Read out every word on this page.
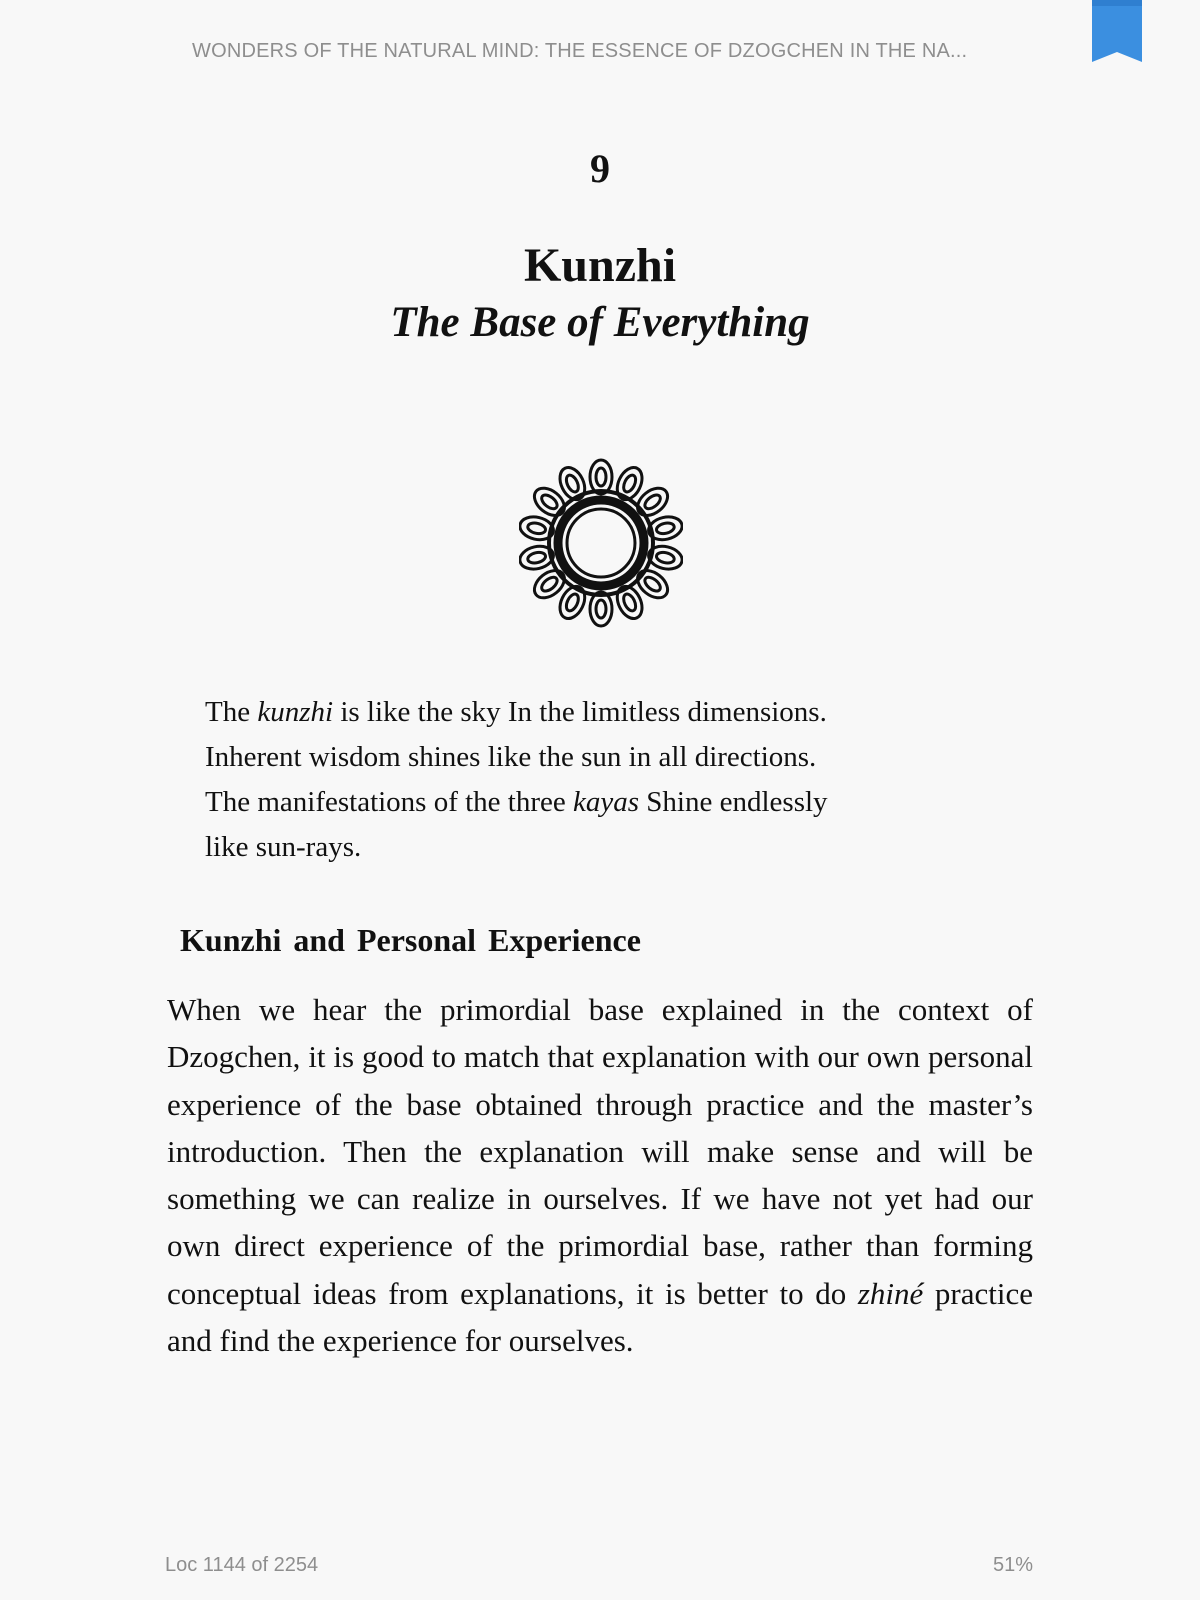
WONDERS OF THE NATURAL MIND: THE ESSENCE OF DZOGCHEN IN THE NA...
9
Kunzhi
The Base of Everything

The kunzhi is like the sky In the limitless dimensions.

Inherent wisdom shines like the sun in all directions.

The manifestations of the three kayas Shine endlessly

like sun-rays.

Kunzhi and Personal Experience

When we hear the primordial base explained in the context of Dzogchen, it is good to match that explanation with our own personal experience of the base obtained through practice and the master’s introduction. Then the explanation will make sense and will be something we can realize in ourselves. If we have not yet had our own direct experience of the primordial base, rather than forming conceptual ideas from explanations, it is better to do zhiné practice and find the experience for ourselves.

Loc 1144 of 2254	51%
